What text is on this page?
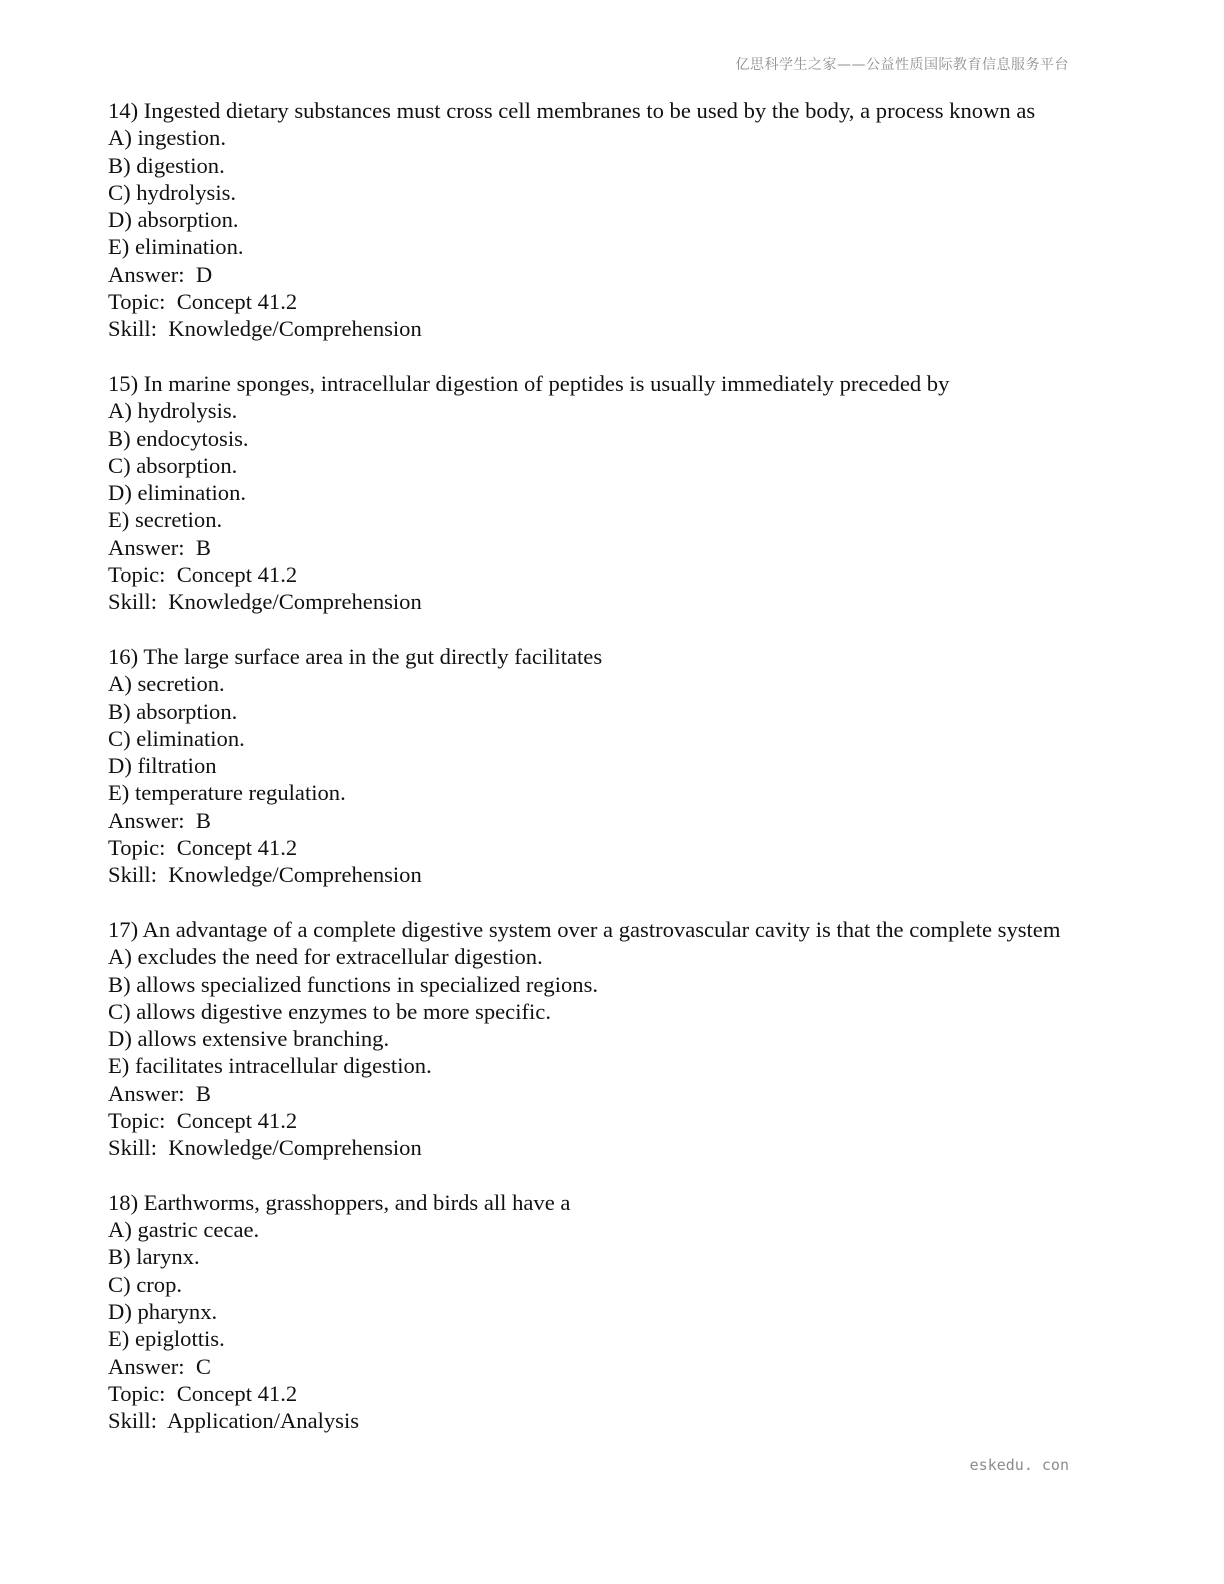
亿思科学生之家——公益性质国际教育信息服务平台
14) Ingested dietary substances must cross cell membranes to be used by the body, a process known as
A) ingestion.
B) digestion.
C) hydrolysis.
D) absorption.
E) elimination.
Answer:  D
Topic:  Concept 41.2
Skill:  Knowledge/Comprehension
15) In marine sponges, intracellular digestion of peptides is usually immediately preceded by
A) hydrolysis.
B) endocytosis.
C) absorption.
D) elimination.
E) secretion.
Answer:  B
Topic:  Concept 41.2
Skill:  Knowledge/Comprehension
16) The large surface area in the gut directly facilitates
A) secretion.
B) absorption.
C) elimination.
D) filtration
E) temperature regulation.
Answer:  B
Topic:  Concept 41.2
Skill:  Knowledge/Comprehension
17) An advantage of a complete digestive system over a gastrovascular cavity is that the complete system
A) excludes the need for extracellular digestion.
B) allows specialized functions in specialized regions.
C) allows digestive enzymes to be more specific.
D) allows extensive branching.
E) facilitates intracellular digestion.
Answer:  B
Topic:  Concept 41.2
Skill:  Knowledge/Comprehension
18) Earthworms, grasshoppers, and birds all have a
A) gastric cecae.
B) larynx.
C) crop.
D) pharynx.
E) epiglottis.
Answer:  C
Topic:  Concept 41.2
Skill:  Application/Analysis
eskedu. con
